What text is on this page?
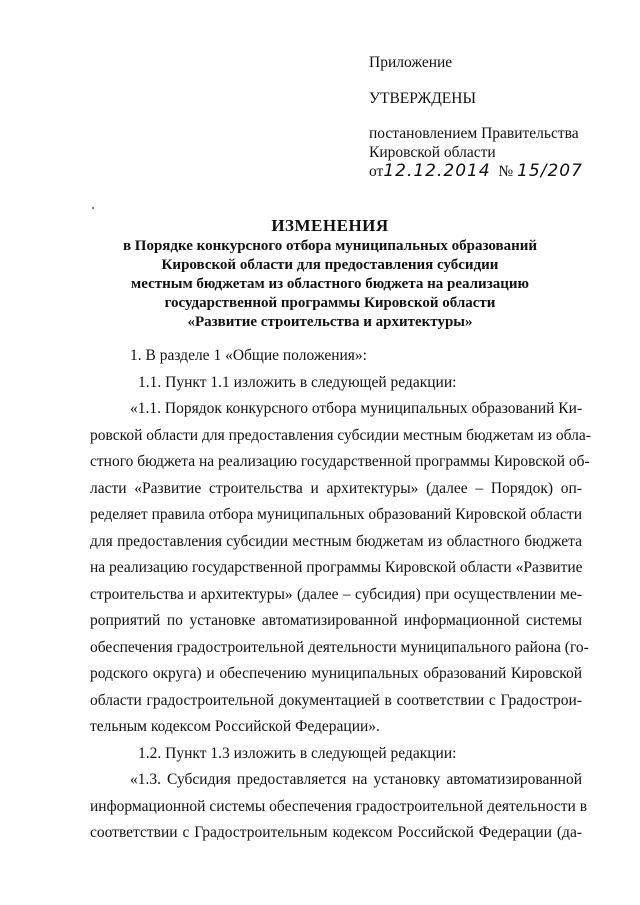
Приложение
УТВЕРЖДЕНЫ
постановлением Правительства
Кировской области
от12.12.2014 № 15/207
ИЗМЕНЕНИЯ
в Порядке конкурсного отбора муниципальных образований
Кировской области для предоставления субсидии
местным бюджетам из областного бюджета на реализацию
государственной программы Кировской области
«Развитие строительства и архитектуры»
1. В разделе 1 «Общие положения»:
1.1. Пункт 1.1 изложить в следующей редакции:
«1.1. Порядок конкурсного отбора муниципальных образований Ки-
ровской области для предоставления субсидии местным бюджетам из обла-
стного бюджета на реализацию государственной программы Кировской об-
ласти «Развитие строительства и архитектуры» (далее – Порядок) оп-
ределяет правила отбора муниципальных образований Кировской области
для предоставления субсидии местным бюджетам из областного бюджета
на реализацию государственной программы Кировской области «Развитие
строительства и архитектуры» (далее – субсидия) при осуществлении ме-
роприятий по установке автоматизированной информационной системы
обеспечения градостроительной деятельности муниципального района (го-
родского округа) и обеспечению муниципальных образований Кировской
области градостроительной документацией в соответствии с Градострои-
тельным кодексом Российской Федерации».
1.2. Пункт 1.3 изложить в следующей редакции:
«1.3. Субсидия предоставляется на установку автоматизированной
информационной системы обеспечения градостроительной деятельности в
соответствии с Градостроительным кодексом Российской Федерации (да-
